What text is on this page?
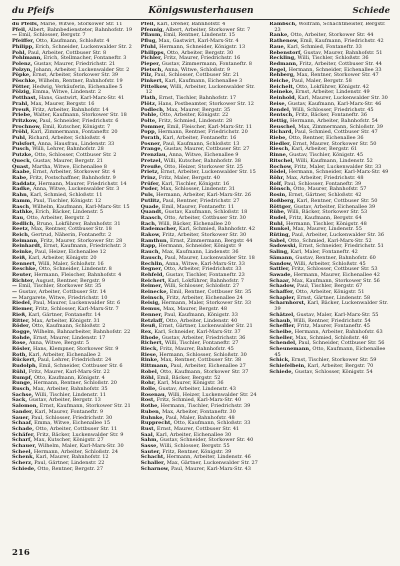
du Pfeifs	Königswusterhausen	Schiede

du Pfeifs, Marie, Witwe, Storkower Str. 11

Pfeil, Albert, Bahnbediensteter, Bahnhofstr. 19

— Emil, Schlosser, Bergstr. 7

Pfeiffer, Otto, Kaufmann, Schloßstr. 4

Philipp, Erich, Schneider, Luckenwalder Str. 2

Pohl, Paul, Arbeiter, Cottbuser Str. 8

Pohlmann, Erich, Stellmacher, Fontaneftr. 3

Polenz, Gustav, Maurer, Friedrichstr. 21

Polzyn, Johann, Arbeiter, Luckenwalder Str. 2

Pöpke, Ernst, Arbeiter, Storkower Str. 39

Pöschke, Wilhelm, Rentner, Bahnhofstr. 19

Pötter, Hedwig, Verkäuferin, Eichenallee 5

Pölzig, Emma, Witwe, Lindenstr. 2

Potthast, Hans, Gastwirt, Karl-Marx-Str. 41

Prahl, Max, Maurer, Bergstr. 16

Preuß, Fritz, Arbeiter, Bahnhofstr. 14

Priebe, Walter, Kaufmann, Storkower Str. 18

Pritzkow, Paul, Schneider, Friedrichstr. 6

Prochnow, Emil, Kutscher, Königstr. 7

Pröhl, Karl, Zimmermann, Fontaneftr. 20

Puhl, Richard, Arbeiter, Schloßstr. 4

Pulsfort, Anna, Hausfrau, Lindenstr. 33

Pusch, Willi, Lehrer, Bahnhofstr. 28

Putzke, Otto, Schlosser, Cottbuser Str. 2

Queck, Gustav, Maurer, Bergstr. 21

Quast, Martha, Witwe, Eichenallee 8

Raabe, Ernst, Arbeiter, Storkower Str. 4

Rabe, Fritz, Postschaffner, Bahnhofstr. 9

Raddatz, Hermann, Maurer, Friedrichstr. 14

Radke, Anna, Witwe, Luckenwalder Str. 3

Rahn, Karl, Schmied, Schloßstr. 11

Ramm, Paul, Tischler, Königstr. 12

Rasch, Wilhelm, Kaufmann, Karl-Marx-Str. 15

Rathke, Erich, Bäcker, Lindenstr. 5

Rau, Otto, Arbeiter, Bergstr. 2

Redlich, Bruno, Lokführer, Bahnhofstr. 31

Reetz, Max, Rentner, Cottbuser Str. 18

Reich, Gertrud, Näherin, Fontaneftr. 2

Reimann, Fritz, Maurer, Storkower Str. 28

Reinhardt, Ernst, Kaufmann, Friedrichstr. 3

Reinke, Paul, Heizer, Eichenallee 12

Reiß, Karl, Arbeiter, Königstr. 20

Rennert, Willi, Maler, Schloßstr. 16

Reschke, Otto, Schneider, Lindenstr. 8

Reuter, Hermann, Fleischer, Bahnhofstr. 4

Richter, August, Rentner, Bergstr. 9

— Emil, Tischler, Storkower Str. 35

— Gustav, Arbeiter, Cottbuser Str. 14

— Margarete, Witwe, Friedrichstr. 10

Riedel, Paul, Maurer, Luckenwalder Str. 6

Riemer, Fritz, Schlosser, Karl-Marx-Str. 7

Rieß, Karl, Gärtner, Fontaneftr. 14

Ritter, Max, Arbeiter, Königstr. 31

Röder, Otto, Kaufmann, Schloßstr. 2

Rogge, Wilhelm, Bahnarbeiter, Bahnhofstr. 22

Rohde, Ernst, Maurer, Lindenstr. 17

Rose, Anna, Witwe, Bergstr. 5

Rösler, Hans, Klempner, Storkower Str. 9

Roth, Karl, Arbeiter, Eichenallee 2

Rückert, Paul, Lehrer, Friedrichstr. 24

Rudolph, Emil, Schneider, Cottbuser Str. 6

Rühl, Fritz, Maurer, Karl-Marx-Str. 22

Rumpf, Otto, Kaufmann, Königstr. 4

Runge, Hermann, Rentner, Schloßstr. 20

Rusch, Max, Arbeiter, Bahnhofstr. 35

Sachse, Willi, Tischler, Lindenstr. 11

Sack, Gustav, Arbeiter, Bergstr. 13

Salomon, Ernst, Kaufmann, Storkower Str. 21

Sander, Karl, Maurer, Fontaneftr. 9

Sauer, Paul, Schlosser, Friedrichstr. 30

Schaaf, Emma, Witwe, Eichenallee 15

Schade, Otto, Arbeiter, Cottbuser Str. 11

Schäfer, Fritz, Bäcker, Luckenwalder Str. 9

Scharf, Max, Kutscher, Königstr. 27

Schauer, Wilhelm, Maler, Karl-Marx-Str. 30

Scheel, Hermann, Arbeiter, Schloßstr. 24

Schenk, Karl, Maurer, Bahnhofstr. 12

Scherz, Paul, Gärtner, Lindenstr. 22

Schiede, Otto, Rentner, Bergstr. 27

Pfeil, Karl, Dreher, Bahnhofstr. 4

Pfennig, Albert, Arbeiter, Storkower Str. 7

Pflaum, Emil, Rentner, Lindenstr. 15

Pflug, Max, Gastwirt, Karl-Marx-Str. 4

Pfuhl, Hermann, Schneider, Königstr. 13

Philipps, Otto, Arbeiter, Bergstr. 30

Pichler, Fritz, Maurer, Friedrichstr. 16

Pieper, Gustav, Zimmermann, Fontaneftr. 8

Pietsch, Anna, Witwe, Schloßstr. 9

Pilz, Paul, Schlosser, Cottbuser Str. 21

Pinkert, Karl, Kaufmann, Eichenallee 3

Pittelkow, Willi, Arbeiter, Luckenwalder Str. 12

Plath, Ernst, Tischler, Bahnhofstr. 17

Plötz, Hans, Postbeamter, Storkower Str. 12

Podlech, Max, Maurer, Bergstr. 35

Pohle, Otto, Arbeiter, Königstr. 22

Polte, Fritz, Schmied, Lindenstr. 28

Pommer, Emil, Fleischer, Karl-Marx-Str. 11

Popp, Hermann, Rentner, Friedrichstr. 20

Porath, Karl, Arbeiter, Fontaneftr. 16

Posner, Paul, Kaufmann, Schloßstr. 13

Prange, Gustav, Maurer, Cottbuser Str. 27

Prenzlau, Anna, Witwe, Eichenallee 9

Pretzel, Willi, Kutscher, Bahnhofstr. 38

Preuße, Otto, Heizer, Storkower Str. 25

Prietz, Ernst, Arbeiter, Luckenwalder Str. 15

Prinz, Fritz, Maler, Bergstr. 40

Prüfer, Karl, Tischler, Königstr. 16

Puder, Max, Schlosser, Lindenstr. 31

Puls, Hermann, Arbeiter, Karl-Marx-Str. 26

Putlitz, Paul, Rentner, Friedrichstr. 27

Quade, Emil, Maurer, Fontaneftr. 11

Quandt, Gustav, Kaufmann, Schloßstr. 18

Raasch, Otto, Arbeiter, Cottbuser Str. 30

Rach, Willi, Bäcker, Eichenallee 20

Rademacher, Karl, Schmied, Bahnhofstr. 42

Rakow, Fritz, Arbeiter, Storkower Str. 30

Ramthun, Ernst, Zimmermann, Bergstr. 44

Rapp, Hermann, Schneider, Königstr. 9

Rauch, Max, Kaufmann, Lindenstr. 36

Rausch, Paul, Maurer, Luckenwalder Str. 18

Rechlin, Anna, Witwe, Karl-Marx-Str. 33

Regner, Otto, Arbeiter, Friedrichstr. 33

Rehfeld, Gustav, Tischler, Fontaneftr. 23

Reichert, Karl, Lokführer, Bahnhofstr. 7

Reimer, Willi, Schlosser, Schloßstr. 27

Reinecke, Emil, Rentner, Cottbuser Str. 35

Reinsch, Fritz, Arbeiter, Eichenallee 24

Reisig, Hermann, Maler, Storkower Str. 33

Remus, Max, Maurer, Bergstr. 48

Renner, Paul, Kaufmann, Königstr. 33

Retzlaff, Otto, Arbeiter, Lindenstr. 40

Reuß, Ernst, Gärtner, Luckenwalder Str. 21

Rex, Karl, Schneider, Karl-Marx-Str. 37

Rhode, Gustav, Arbeiter, Friedrichstr. 36

Richert, Willi, Tischler, Fontaneftr. 27

Rieck, Fritz, Maurer, Bahnhofstr. 45

Riese, Hermann, Schlosser, Schloßstr. 30

Rinke, Max, Rentner, Cottbuser Str. 38

Rittmann, Paul, Arbeiter, Eichenallee 27

Robel, Otto, Kaufmann, Storkower Str. 37

Röhl, Emil, Bäcker, Bergstr. 52

Rohr, Karl, Maurer, Königstr. 36

Rolle, Gustav, Arbeiter, Lindenstr. 43

Rosenau, Willi, Heizer, Luckenwalder Str. 24

Rost, Fritz, Schmied, Karl-Marx-Str. 40

Rothe, Hermann, Tischler, Friedrichstr. 39

Ruben, Max, Arbeiter, Fontaneftr. 30

Ruhnke, Paul, Maler, Bahnhofstr. 48

Rupprecht, Otto, Kaufmann, Schloßstr. 33

Rust, Ernst, Maurer, Cottbuser Str. 41

Saal, Karl, Arbeiter, Eichenallee 30

Sahm, Gustav, Schneider, Storkower Str. 40

Sasse, Willi, Schlosser, Bergstr. 55

Sauter, Fritz, Rentner, Königstr. 39

Schacht, Hermann, Arbeiter, Lindenstr. 46

Schaller, Max, Gärtner, Luckenwalder Str. 27

Scharnow, Paul, Maurer, Karl-Marx-Str. 43

Rambsch, Wolfram, Schachtmeister, Bergstr. 23

Ranke, Otto, Arbeiter, Storkower Str. 44

Rathenow, Emil, Kaufmann, Friedrichstr. 42

Raue, Karl, Schmied, Fontaneftr. 33

Rebenstorf, Gustav, Maurer, Bahnhofstr. 51

Reckling, Willi, Tischler, Schloßstr. 36

Redmann, Fritz, Arbeiter, Cottbuser Str. 44

Regel, Hermann, Schneider, Eichenallee 33

Rehberg, Max, Rentner, Storkower Str. 47

Reiche, Paul, Maler, Bergstr. 58

Reichelt, Otto, Lokführer, Königstr. 42

Reineke, Ernst, Arbeiter, Lindenstr. 49

Reinhold, Karl, Maurer, Luckenwalder Str. 30

Reise, Gustav, Kaufmann, Karl-Marx-Str. 46

Rendel, Willi, Schlosser, Friedrichstr. 45

Rentsch, Fritz, Bäcker, Fontaneftr. 36

Rettig, Hermann, Arbeiter, Bahnhofstr. 54

Reuschel, Max, Zimmermann, Schloßstr. 39

Richard, Paul, Schmied, Cottbuser Str. 47

Riebe, Otto, Rentner, Eichenallee 36

Riedler, Ernst, Maurer, Storkower Str. 50

Riesch, Karl, Arbeiter, Bergstr. 61

Rinne, Gustav, Tischler, Königstr. 45

Ritschel, Willi, Kaufmann, Lindenstr. 52

Rochow, Fritz, Maler, Luckenwalder Str. 33

Rödel, Hermann, Schneider, Karl-Marx-Str. 49

Röhr, Max, Arbeiter, Friedrichstr. 48

Rolf, Paul, Schlosser, Fontaneftr. 39

Rönsch, Otto, Maurer, Bahnhofstr. 57

Rosin, Ernst, Gärtner, Schloßstr. 42

Roßberg, Karl, Rentner, Cottbuser Str. 50

Röttger, Gustav, Arbeiter, Eichenallee 39

Rübe, Willi, Bäcker, Storkower Str. 53

Rudel, Fritz, Kaufmann, Bergstr. 64

Ruhl, Hermann, Tischler, Königstr. 48

Runkel, Max, Maurer, Lindenstr. 55

Rüting, Paul, Arbeiter, Luckenwalder Str. 36

Sabel, Otto, Schmied, Karl-Marx-Str. 52

Sadowski, Ernst, Schneider, Friedrichstr. 51

Saling, Karl, Maler, Fontaneftr. 42

Sämann, Gustav, Rentner, Bahnhofstr. 60

Sandow, Willi, Arbeiter, Schloßstr. 45

Sattler, Fritz, Schlosser, Cottbuser Str. 53

Sawade, Hermann, Maurer, Eichenallee 42

Schaar, Max, Kaufmann, Storkower Str. 56

Schadow, Paul, Tischler, Bergstr. 67

Schaffer, Otto, Arbeiter, Königstr. 51

Schapler, Ernst, Gärtner, Lindenstr. 58

Scharnhorst, Karl, Bäcker, Luckenwalder Str. 39

Schätzel, Gustav, Maler, Karl-Marx-Str. 55

Schaub, Willi, Rentner, Friedrichstr. 54

Scheffler, Fritz, Maurer, Fontaneftr. 45

Scheibe, Hermann, Arbeiter, Bahnhofstr. 63

Scheller, Max, Schmied, Schloßstr. 48

Schendel, Paul, Schneider, Cottbuser Str. 56

Scheunemann, Otto, Kaufmann, Eichenallee 45

Schick, Ernst, Tischler, Storkower Str. 59

Schiefelbein, Karl, Arbeiter, Bergstr. 70

Schiede, Gustav, Schlosser, Königstr. 54

216
